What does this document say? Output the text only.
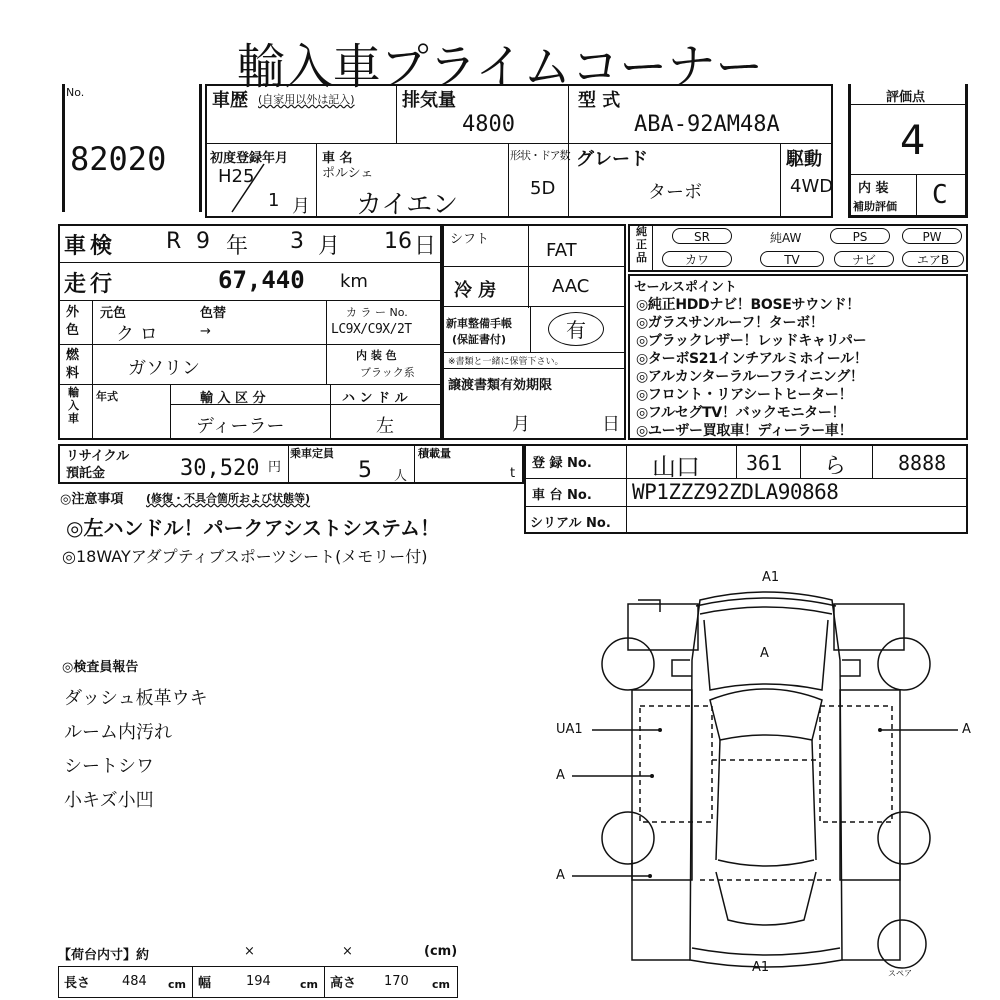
輸入車プライムコーナー
No.
82020
車歴 (自家用以外は記入)	排気量
4800
型 式
ABA-92AM48A
初度登録年月
H25
1 月
車 名
ポルシェ
カイエン
形状・ドア数
5D
グレード
ターボ
駆動
4WD
評価点
4
内 装
補助評価 C
車検 R 9 年 3 月 16 日
走行	67,440 km
外色
元色	色替
ク ロ	→
カ ラ ー No.
LC9X/C9X/2T
燃料	ガソリン
内 装 色
ブラック系
輸入車
年式	輸 入 区 分
ディーラー
ハ ン ド ル
左
シフト
FAT
冷 房	AAC
新車整備手帳
(保証書付)	有
※書類と一緒に保管下さい。
譲渡書類有効期限
月	日
純正品
SR	純AW	PS	PW
カワ	TV	ナビ	エアB
セールスポイント
◎純正HDDナビ！BOSEサウンド！
◎ガラスサンルーフ！ターボ！
◎ブラックレザー！レッドキャリパー
◎ターボS21インチアルミホイール！
◎アルカンターラルーフライニング！
◎フロント・リアシートヒーター！
◎フルセグTV！バックモニター！
◎ユーザー買取車！ディーラー車！
リサイクル
預託金	30,520 円
乗車定員
5 人
積載量
t
登 録 No.	山口 361 ら	8888
車 台 No. WP1ZZZ92ZDLA90868
シリアル No.
◎注意事項 (修復・不具合箇所および状態等)
◎左ハンドル！パークアシストシステム！
◎18WAYアダプティブスポーツシート(メモリー付)
◎検査員報告
ダッシュ板革ウキ
ルーム内汚れ
シートシワ
小キズ小凹
A1
A
UA1
A
A
A
A1	スペア
【荷台内寸】約	×	×	(cm)
長さ 484 cm 幅	194	cm 高さ 170 cm
